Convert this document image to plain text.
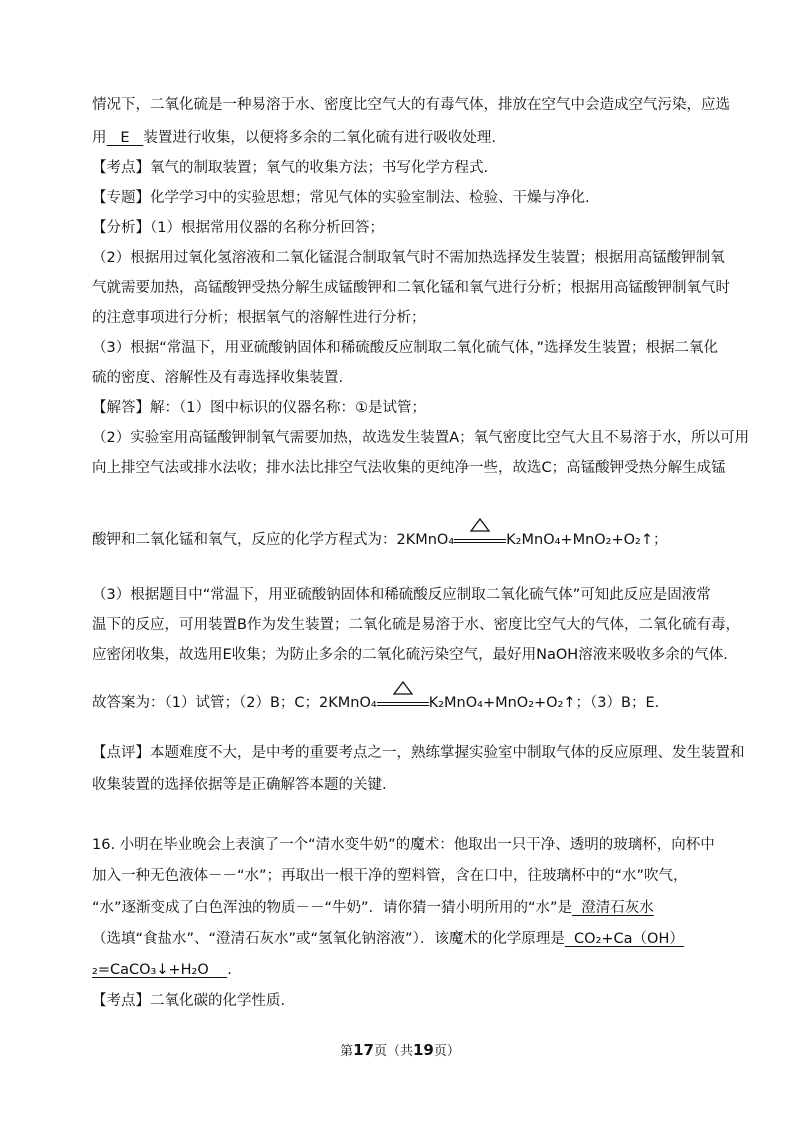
情况下，二氧化硫是一种易溶于水、密度比空气大的有毒气体，排放在空气中会造成空气污染，应选
用 E 装置进行收集，以便将多余的二氧化硫有进行吸收处理.
【考点】氧气的制取装置；氧气的收集方法；书写化学方程式.
【专题】化学学习中的实验思想；常见气体的实验室制法、检验、干燥与净化.
【分析】（1）根据常用仪器的名称分析回答；
（2）根据用过氧化氢溶液和二氧化锰混合制取氧气时不需加热选择发生装置；根据用高锰酸钾制氧
气就需要加热，高锰酸钾受热分解生成锰酸钾和二氧化锰和氧气进行分析；根据用高锰酸钾制氧气时
的注意事项进行分析；根据氧气的溶解性进行分析；
（3）根据“常温下，用亚硫酸钠固体和稀硫酸反应制取二氧化硫气体，”选择发生装置；根据二氧化
硫的密度、溶解性及有毒选择收集装置.
【解答】解：（1）图中标识的仪器名称：①是试管；
（2）实验室用高锰酸钾制氧气需要加热，故选发生装置A；氧气密度比空气大且不易溶于水，所以可用
向上排空气法或排水法收；排水法比排空气法收集的更纯净一些，故选C；高锰酸钾受热分解生成锰
酸钾和二氧化锰和氧气，反应的化学方程式为：2KMnO₄	K₂MnO₄+MnO₂+O₂↑；
（3）根据题目中“常温下，用亚硫酸钠固体和稀硫酸反应制取二氧化硫气体”可知此反应是固液常
温下的反应，可用装置B作为发生装置；二氧化硫是易溶于水、密度比空气大的气体，二氧化硫有毒，
应密闭收集，故选用E收集；为防止多余的二氧化硫污染空气，最好用NaOH溶液来吸收多余的气体.
故答案为：（1）试管；（2）B；C；2KMnO₄	K₂MnO₄+MnO₂+O₂↑；（3）B；E.
【点评】本题难度不大，是中考的重要考点之一，熟练掌握实验室中制取气体的反应原理、发生装置和
收集装置的选择依据等是正确解答本题的关键.
16. 小明在毕业晚会上表演了一个“清水变牛奶”的魔术：他取出一只干净、透明的玻璃杯，向杯中
加入一种无色液体－－“水”；再取出一根干净的塑料管，含在口中，往玻璃杯中的“水”吹气，
“水”逐渐变成了白色浑浊的物质－－“牛奶”．请你猜一猜小明所用的“水”是 澄清石灰水
（选填“食盐水”、“澄清石灰水”或“氢氧化钠溶液”）．该魔术的化学原理是 CO₂+Ca（OH）
₂=CaCO₃↓+H₂O .
【考点】二氧化碳的化学性质.
第17页（共19页）
